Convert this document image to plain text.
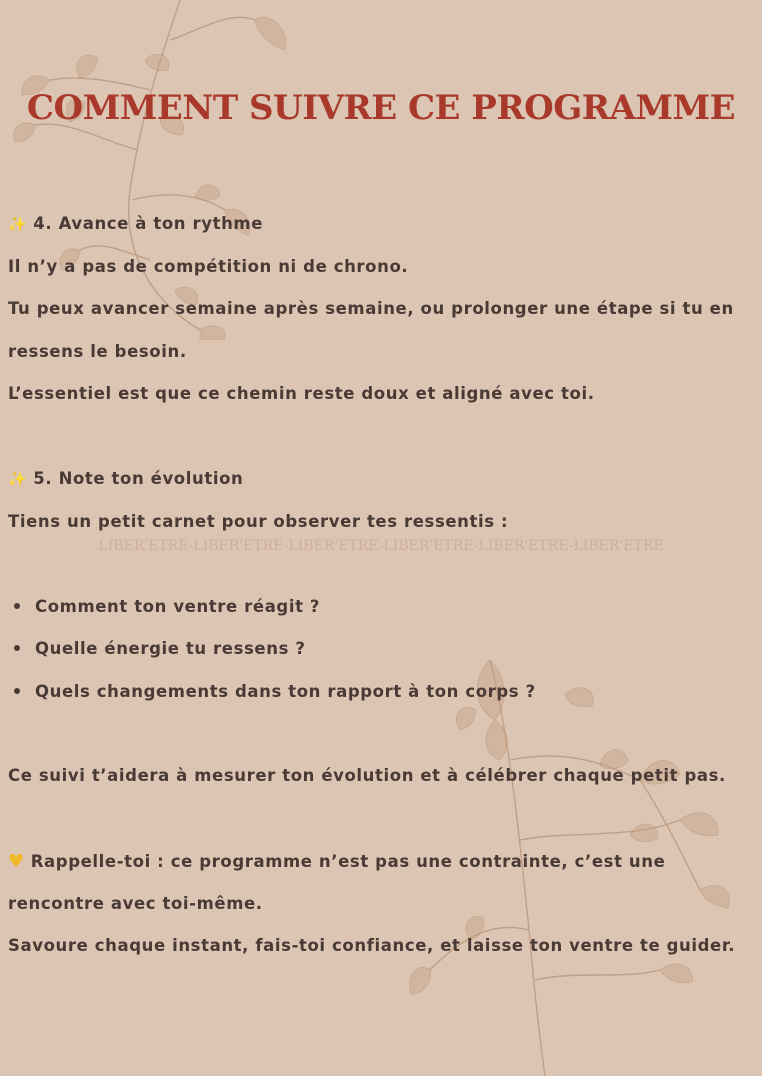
COMMENT SUIVRE CE PROGRAMME
✨ 4. Avance à ton rythme
Il n’y a pas de compétition ni de chrono.
Tu peux avancer semaine après semaine, ou prolonger une étape si tu en
ressens le besoin.
L’essentiel est que ce chemin reste doux et aligné avec toi.
✨ 5. Note ton évolution
Tiens un petit carnet pour observer tes ressentis :
LIBER'ETRE-LIBER'ETRE-LIBER'ETRE-LIBER'ETRE-LIBER'ETRE-LIBER'ETRE
Comment ton ventre réagit ?
Quelle énergie tu ressens ?
Quels changements dans ton rapport à ton corps ?
Ce suivi t’aidera à mesurer ton évolution et à célébrer chaque petit pas.
♥ Rappelle-toi : ce programme n’est pas une contrainte, c’est une
rencontre avec toi-même.
Savoure chaque instant, fais-toi confiance, et laisse ton ventre te guider.
